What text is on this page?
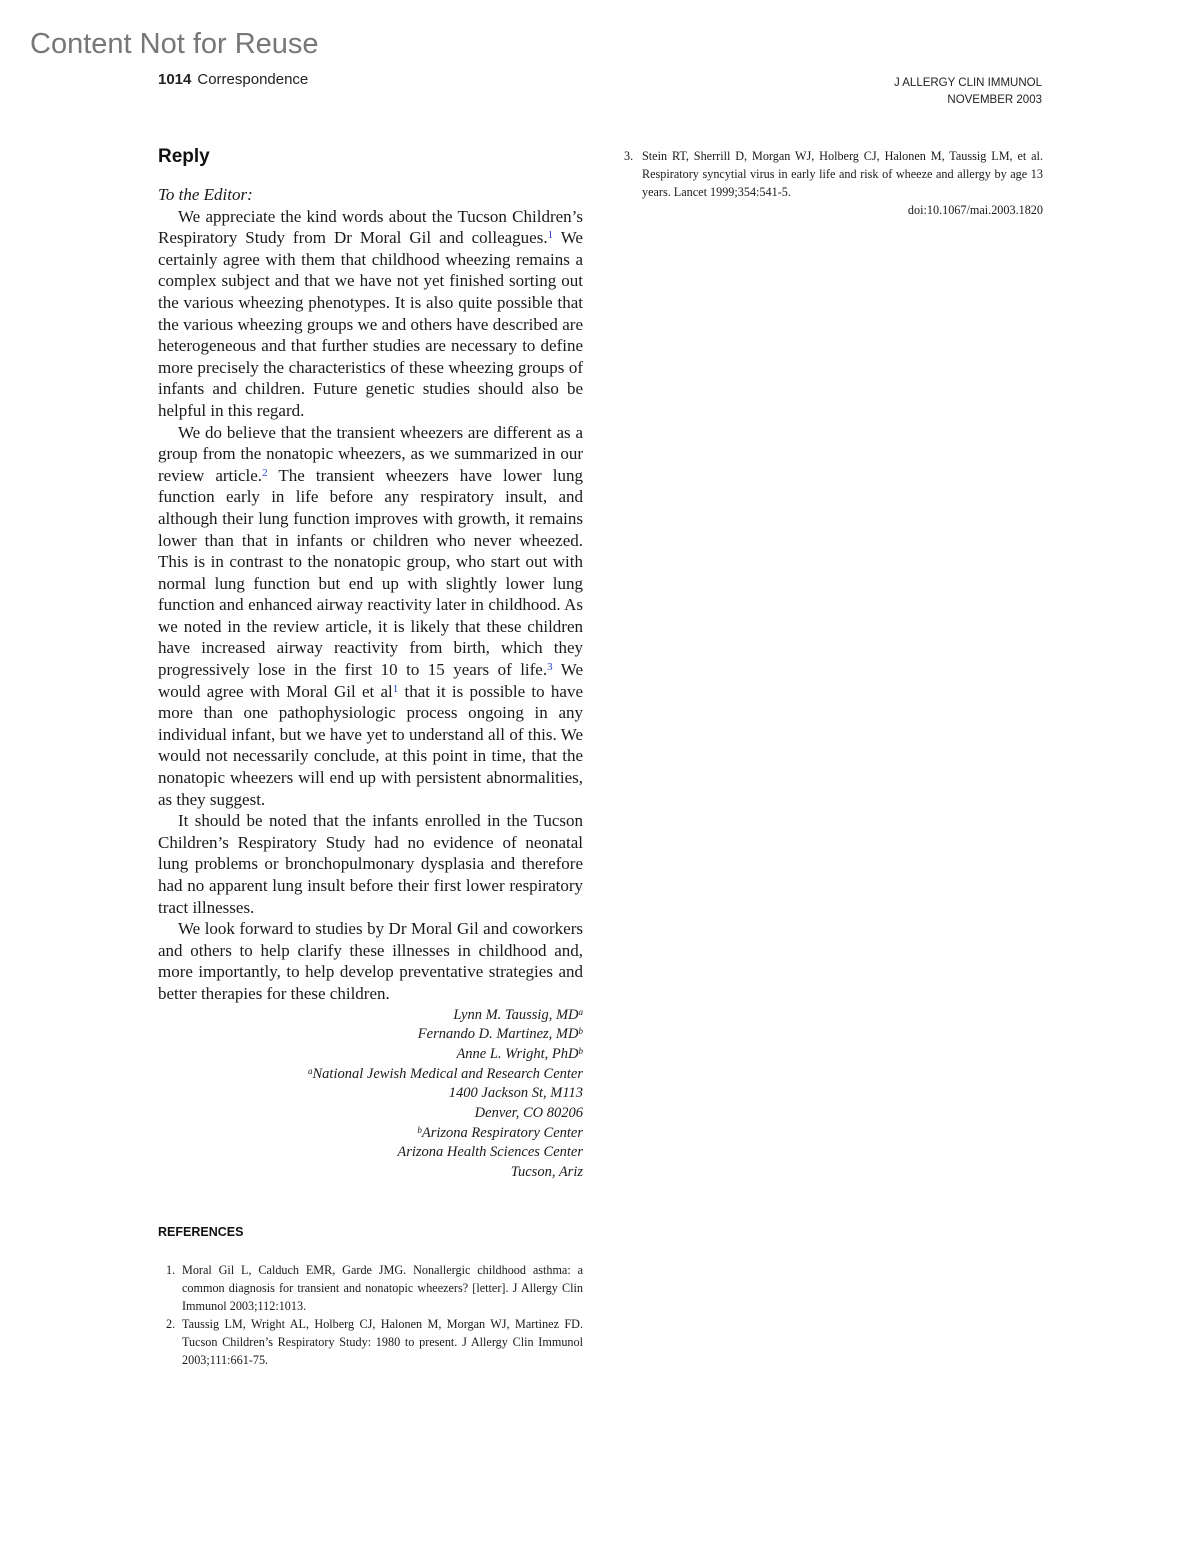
Content Not for Reuse
1014 Correspondence	J ALLERGY CLIN IMMUNOL
NOVEMBER 2003
Reply

To the Editor:

We appreciate the kind words about the Tucson Children’s Respiratory Study from Dr Moral Gil and colleagues.$^1$ We certainly agree with them that childhood wheezing remains a complex subject and that we have not yet finished sorting out the various wheezing phenotypes. It is also quite possible that the various wheezing groups we and others have described are heterogeneous and that further studies are necessary to define more precisely the characteristics of these wheezing groups of infants and children. Future genetic studies should also be helpful in this regard.

We do believe that the transient wheezers are different as a group from the nonatopic wheezers, as we summarized in our review article.$^2$ The transient wheezers have lower lung function early in life before any respiratory insult, and although their lung function improves with growth, it remains lower than that in infants or children who never wheezed. This is in contrast to the nonatopic group, who start out with normal lung function but end up with slightly lower lung function and enhanced airway reactivity later in childhood. As we noted in the review article, it is likely that these children have increased airway reactivity from birth, which they progressively lose in the first 10 to 15 years of life.$^3$ We would agree with Moral Gil et al$^1$ that it is possible to have more than one pathophysiologic process ongoing in any individual infant, but we have yet to understand all of this. We would not necessarily conclude, at this point in time, that the nonatopic wheezers will end up with persistent abnormalities, as they suggest.

It should be noted that the infants enrolled in the Tucson Children’s Respiratory Study had no evidence of neonatal lung problems or bronchopulmonary dysplasia and therefore had no apparent lung insult before their first lower respiratory tract illnesses.

We look forward to studies by Dr Moral Gil and coworkers and others to help clarify these illnesses in childhood and, more importantly, to help develop preventative strategies and better therapies for these children.

Lynn M. Taussig, $MD^a$
Fernando D. Martinez, $MD^b$
Anne L. Wright, PhD$^b$
$^a$National Jewish Medical and Research Center
1400 Jackson St, M113
Denver, CO 80206
$^b$Arizona Respiratory Center
Arizona Health Sciences Center
Tucson, Ariz
REFERENCES
1. Moral Gil L, Calduch EMR, Garde JMG. Nonallergic childhood asthma: a common diagnosis for transient and nonatopic wheezers? [letter]. J Allergy Clin Immunol 2003;112:1013.
2. Taussig LM, Wright AL, Holberg CJ, Halonen M, Morgan WJ, Martinez FD. Tucson Children’s Respiratory Study: 1980 to present. J Allergy Clin Immunol 2003;111:661-75.
3. Stein RT, Sherrill D, Morgan WJ, Holberg CJ, Halonen M, Taussig LM, et al. Respiratory syncytial virus in early life and risk of wheeze and allergy by age 13 years. Lancet 1999;354:541-5.
doi:10.1067/mai.2003.1820
